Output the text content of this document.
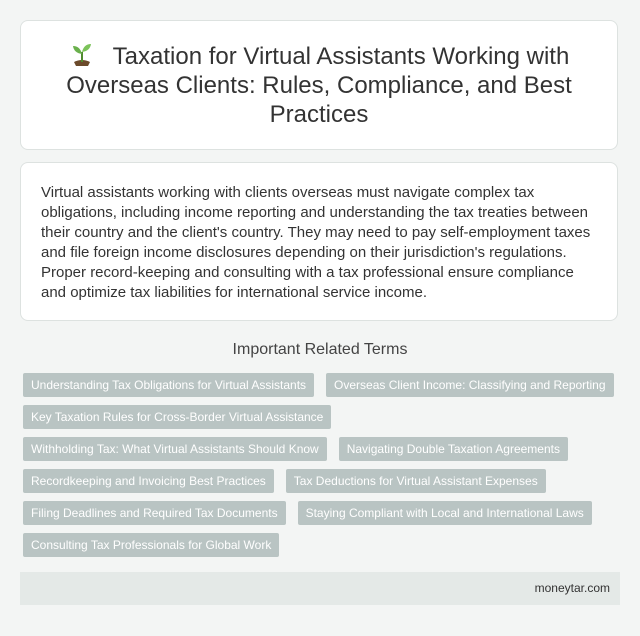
Taxation for Virtual Assistants Working with Overseas Clients: Rules, Compliance, and Best Practices

Virtual assistants working with clients overseas must navigate complex tax obligations, including income reporting and understanding the tax treaties between their country and the client's country. They may need to pay self-employment taxes and file foreign income disclosures depending on their jurisdiction's regulations. Proper record-keeping and consulting with a tax professional ensure compliance and optimize tax liabilities for international service income.

Important Related Terms
Understanding Tax Obligations for Virtual Assistants	Overseas Client Income: Classifying and Reporting
Key Taxation Rules for Cross-Border Virtual Assistance
Withholding Tax: What Virtual Assistants Should Know	Navigating Double Taxation Agreements
Recordkeeping and Invoicing Best Practices	Tax Deductions for Virtual Assistant Expenses
Filing Deadlines and Required Tax Documents	Staying Compliant with Local and International Laws
Consulting Tax Professionals for Global Work
moneytar.com
